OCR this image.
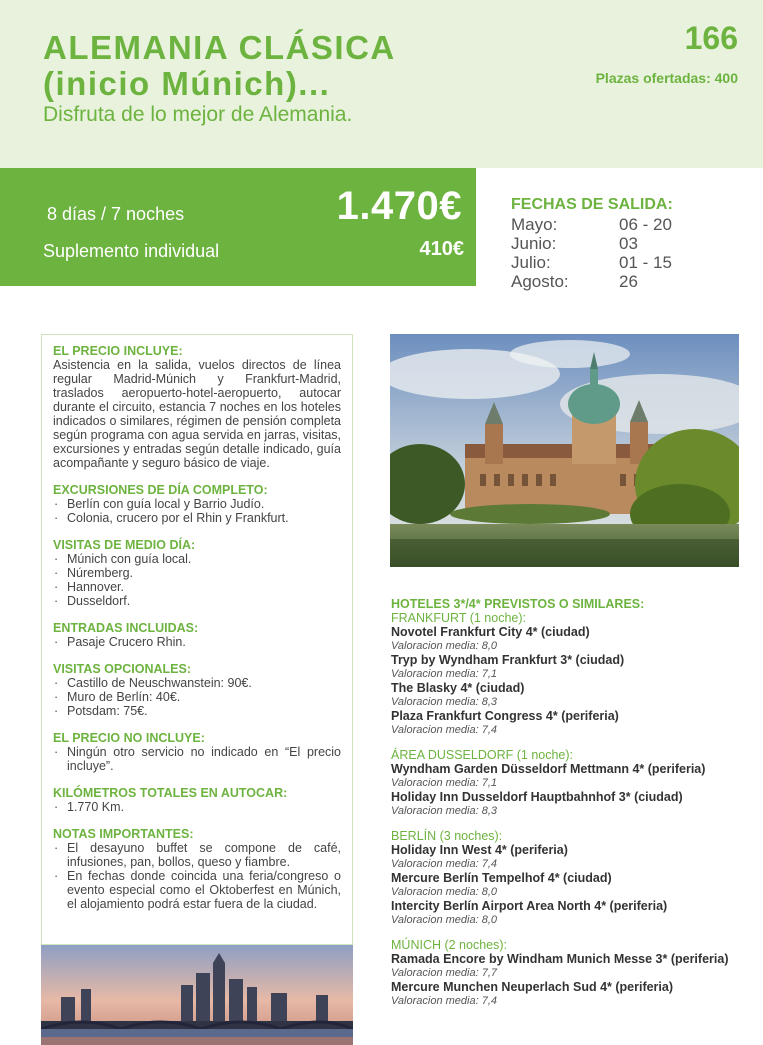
ALEMANIA CLÁSICA
(inicio Múnich)...
Disfruta de lo mejor de Alemania.
166
Plazas ofertadas: 400
8 días / 7 noches	1.470€
Suplemento individual	410€
FECHAS DE SALIDA:
Mayo:	06 - 20
Junio:	03
Julio:	01 - 15
Agosto:	26
EL PRECIO INCLUYE:
Asistencia en la salida, vuelos directos de línea regular Madrid-Múnich y Frankfurt-Madrid, traslados aeropuerto-hotel-aeropuerto, autocar durante el circuito, estancia 7 noches en los hoteles indicados o similares, régimen de pensión completa según programa con agua servida en jarras, visitas, excursiones y entradas según detalle indicado, guía acompañante y seguro básico de viaje.
EXCURSIONES DE DÍA COMPLETO:
· Berlín con guía local y Barrio Judío.
· Colonia, crucero por el Rhin y Frankfurt.
VISITAS DE MEDIO DÍA:
· Múnich con guía local.
· Núremberg.
· Hannover.
· Dusseldorf.
ENTRADAS INCLUIDAS:
· Pasaje Crucero Rhin.
VISITAS OPCIONALES:
· Castillo de Neuschwanstein: 90€.
· Muro de Berlín: 40€.
· Potsdam: 75€.
EL PRECIO NO INCLUYE:
· Ningún otro servicio no indicado en “El precio incluye”.
KILÓMETROS TOTALES EN AUTOCAR:
· 1.770 Km.
NOTAS IMPORTANTES:
· El desayuno buffet se compone de café, infusiones, pan, bollos, queso y fiambre.
· En fechas donde coincida una feria/congreso o evento especial como el Oktoberfest en Múnich, el alojamiento podrá estar fuera de la ciudad.
HOTELES 3*/4* PREVISTOS O SIMILARES:
FRANKFURT (1 noche):
Novotel Frankfurt City 4* (ciudad)
Valoracion media: 8,0
Tryp by Wyndham Frankfurt 3* (ciudad)
Valoracion media: 7,1
The Blasky 4* (ciudad)
Valoracion media: 8,3
Plaza Frankfurt Congress 4* (periferia)
Valoracion media: 7,4
ÁREA DUSSELDORF (1 noche):
Wyndham Garden Düsseldorf Mettmann 4* (periferia)
Valoracion media: 7,1
Holiday Inn Dusseldorf Hauptbahnhof 3* (ciudad)
Valoracion media: 8,3
BERLÍN (3 noches):
Holiday Inn West 4* (periferia)
Valoracion media: 7,4
Mercure Berlín Tempelhof 4* (ciudad)
Valoracion media: 8,0
Intercity Berlín Airport Area North 4* (periferia)
Valoracion media: 8,0
MÚNICH (2 noches):
Ramada Encore by Windham Munich Messe 3* (periferia)
Valoracion media: 7,7
Mercure Munchen Neuperlach Sud 4* (periferia)
Valoracion media: 7,4
